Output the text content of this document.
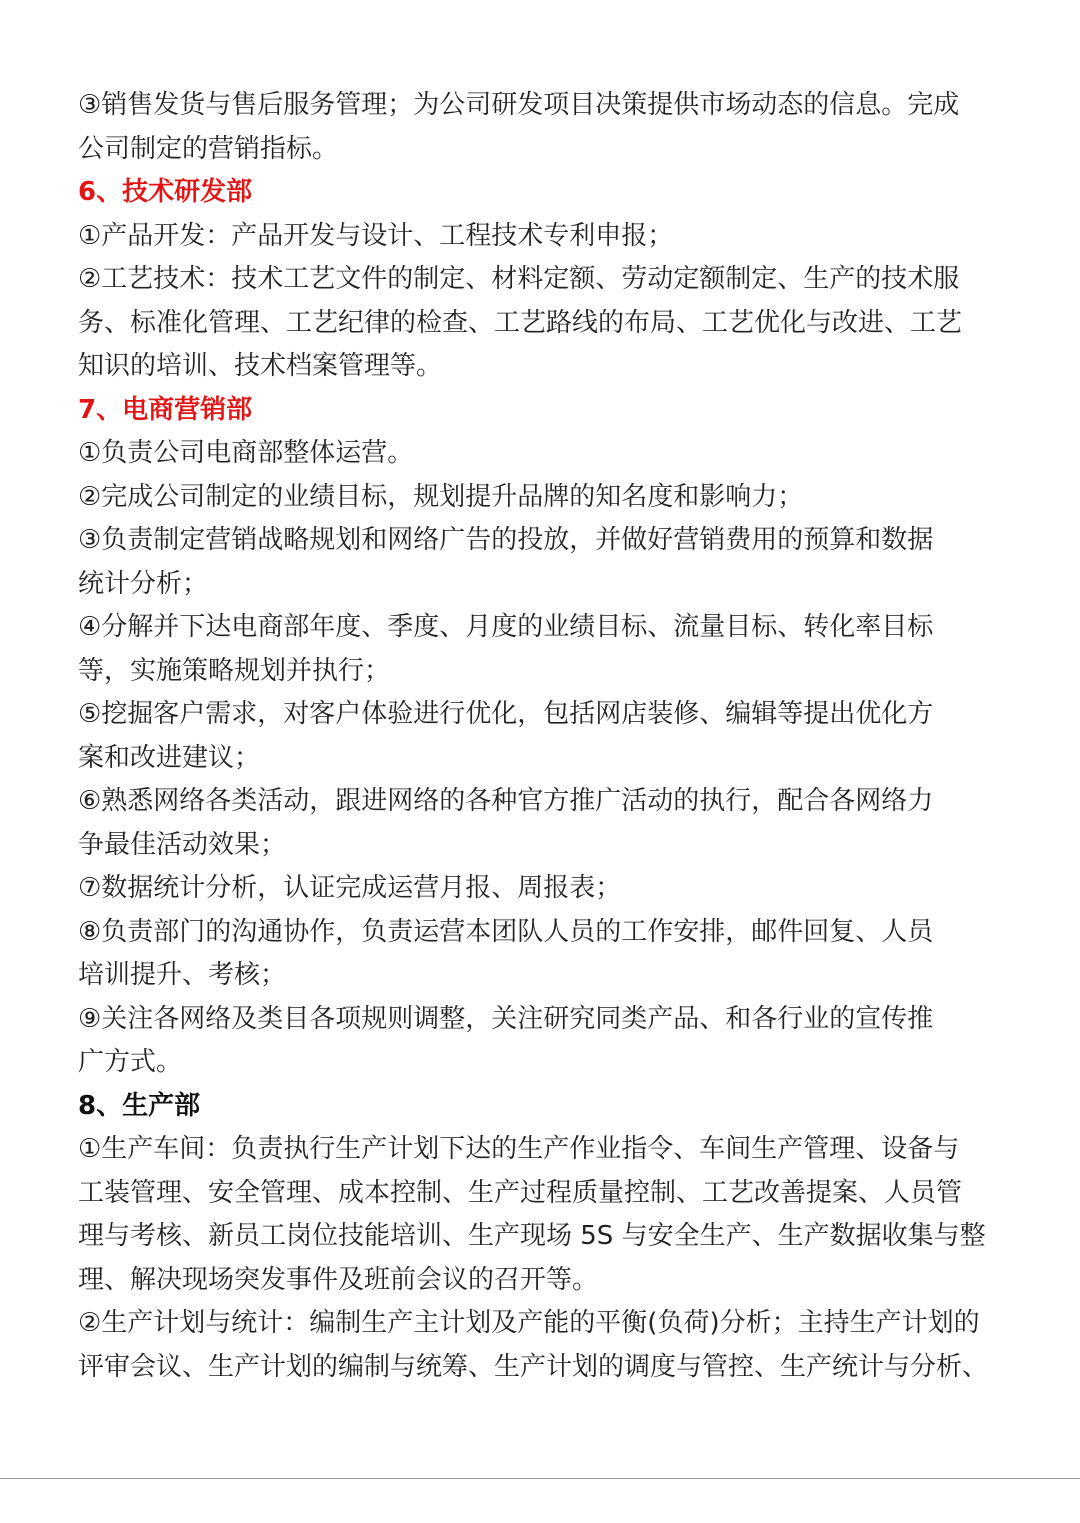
③销售发货与售后服务管理；为公司研发项目决策提供市场动态的信息。完成
公司制定的营销指标。
6、技术研发部
①产品开发：产品开发与设计、工程技术专利申报；
②工艺技术：技术工艺文件的制定、材料定额、劳动定额制定、生产的技术服
务、标准化管理、工艺纪律的检查、工艺路线的布局、工艺优化与改进、工艺
知识的培训、技术档案管理等。
7、电商营销部
①负责公司电商部整体运营。
②完成公司制定的业绩目标，规划提升品牌的知名度和影响力；
③负责制定营销战略规划和网络广告的投放，并做好营销费用的预算和数据
统计分析；
④分解并下达电商部年度、季度、月度的业绩目标、流量目标、转化率目标
等，实施策略规划并执行；
⑤挖掘客户需求，对客户体验进行优化，包括网店装修、编辑等提出优化方
案和改进建议；
⑥熟悉网络各类活动，跟进网络的各种官方推广活动的执行，配合各网络力
争最佳活动效果；
⑦数据统计分析，认证完成运营月报、周报表；
⑧负责部门的沟通协作，负责运营本团队人员的工作安排，邮件回复、人员
培训提升、考核；
⑨关注各网络及类目各项规则调整，关注研究同类产品、和各行业的宣传推
广方式。
8、生产部
①生产车间：负责执行生产计划下达的生产作业指令、车间生产管理、设备与
工装管理、安全管理、成本控制、生产过程质量控制、工艺改善提案、人员管
理与考核、新员工岗位技能培训、生产现场 5S 与安全生产、生产数据收集与整
理、解决现场突发事件及班前会议的召开等。
②生产计划与统计：编制生产主计划及产能的平衡(负荷)分析；主持生产计划的
评审会议、生产计划的编制与统筹、生产计划的调度与管控、生产统计与分析、
